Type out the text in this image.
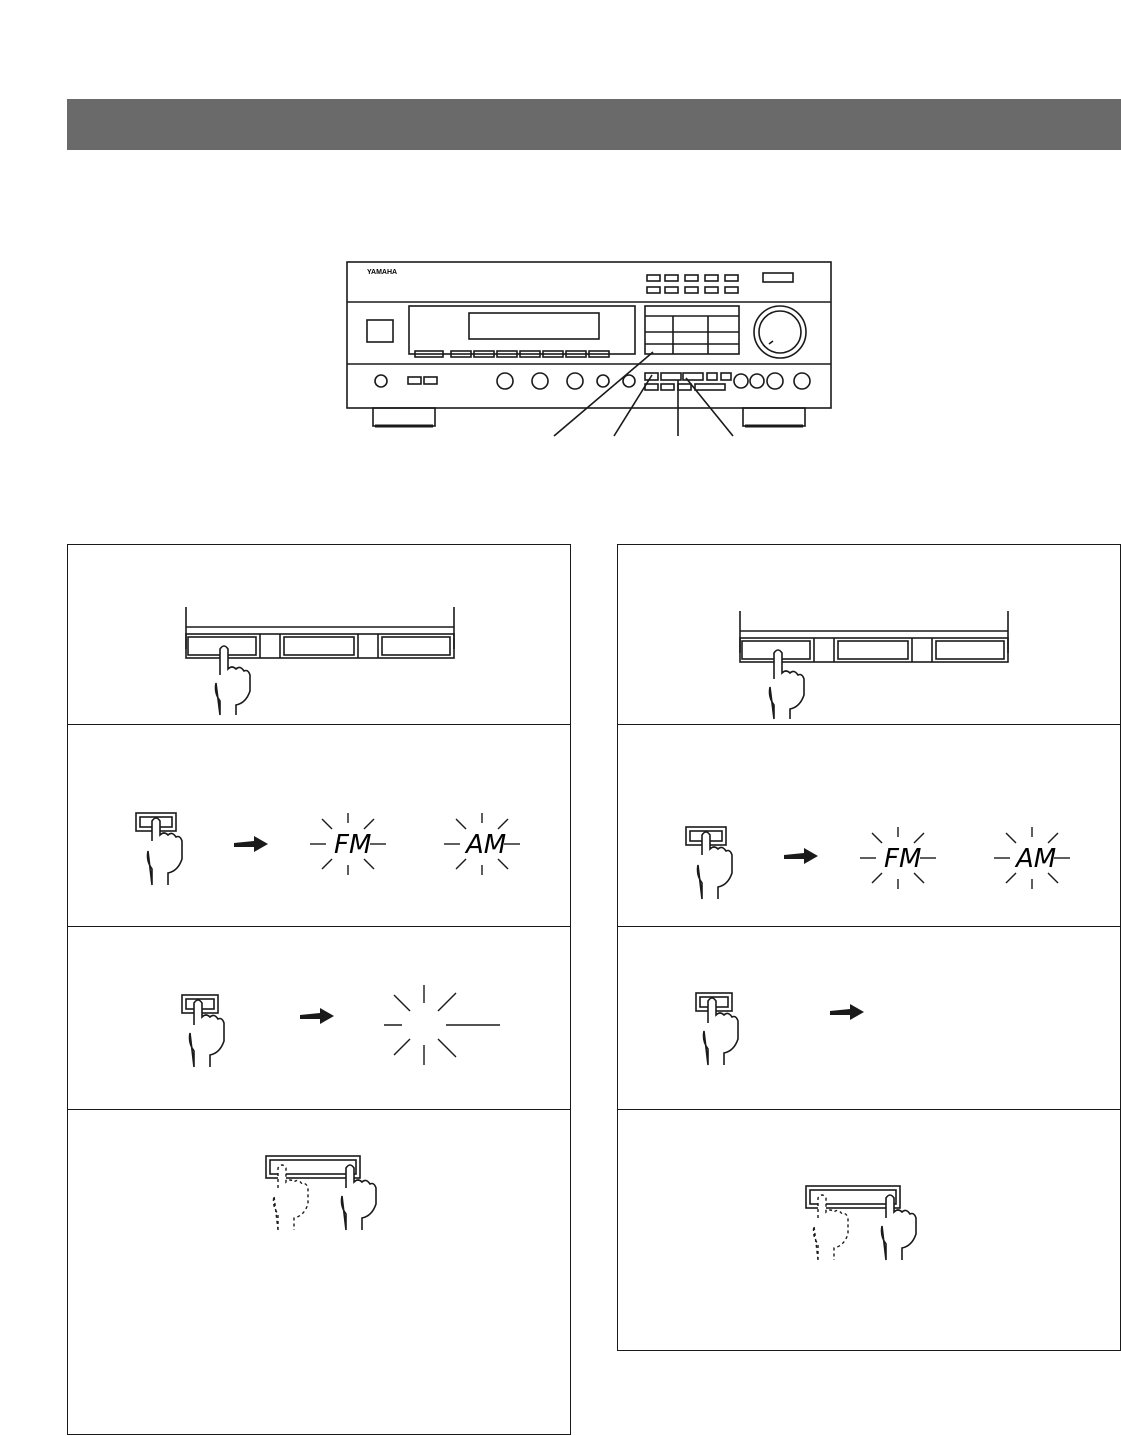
YAMAHA
FM	AM	FM	AM
